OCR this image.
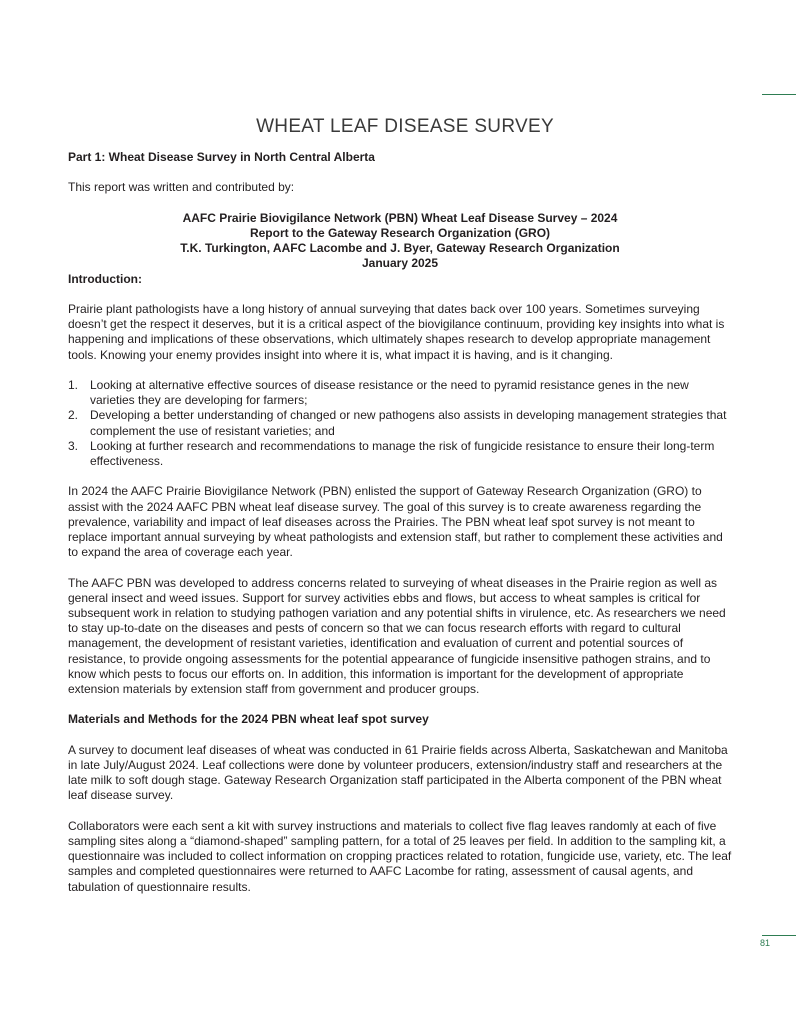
WHEAT LEAF DISEASE SURVEY

Part 1: Wheat Disease Survey in North Central Alberta

This report was written and contributed by:

AAFC Prairie Biovigilance Network (PBN) Wheat Leaf Disease Survey – 2024

Report to the Gateway Research Organization (GRO)

T.K. Turkington, AAFC Lacombe and J. Byer, Gateway Research Organization

January 2025

Introduction:

Prairie plant pathologists have a long history of annual surveying that dates back over 100 years. Sometimes surveying doesn’t get the respect it deserves, but it is a critical aspect of the biovigilance continuum, providing key insights into what is happening and implications of these observations, which ultimately shapes research to develop appropriate management tools. Knowing your enemy provides insight into where it is, what impact it is having, and is it changing.

1. Looking at alternative effective sources of disease resistance or the need to pyramid resistance genes in the new varieties they are developing for farmers;
2. Developing a better understanding of changed or new pathogens also assists in developing management strategies that complement the use of resistant varieties; and
3. Looking at further research and recommendations to manage the risk of fungicide resistance to ensure their long-term effectiveness.

In 2024 the AAFC Prairie Biovigilance Network (PBN) enlisted the support of Gateway Research Organization (GRO) to assist with the 2024 AAFC PBN wheat leaf disease survey. The goal of this survey is to create awareness regarding the prevalence, variability and impact of leaf diseases across the Prairies. The PBN wheat leaf spot survey is not meant to replace important annual surveying by wheat pathologists and extension staff, but rather to complement these activities and to expand the area of coverage each year.

The AAFC PBN was developed to address concerns related to surveying of wheat diseases in the Prairie region as well as general insect and weed issues. Support for survey activities ebbs and flows, but access to wheat samples is critical for subsequent work in relation to studying pathogen variation and any potential shifts in virulence, etc. As researchers we need to stay up-to-date on the diseases and pests of concern so that we can focus research efforts with regard to cultural management, the development of resistant varieties, identification and evaluation of current and potential sources of resistance, to provide ongoing assessments for the potential appearance of fungicide insensitive pathogen strains, and to know which pests to focus our efforts on. In addition, this information is important for the development of appropriate extension materials by extension staff from government and producer groups.

Materials and Methods for the 2024 PBN wheat leaf spot survey

A survey to document leaf diseases of wheat was conducted in 61 Prairie fields across Alberta, Saskatchewan and Manitoba in late July/August 2024. Leaf collections were done by volunteer producers, extension/industry staff and researchers at the late milk to soft dough stage. Gateway Research Organization staff participated in the Alberta component of the PBN wheat leaf disease survey.

Collaborators were each sent a kit with survey instructions and materials to collect five flag leaves randomly at each of five sampling sites along a “diamond-shaped” sampling pattern, for a total of 25 leaves per field. In addition to the sampling kit, a questionnaire was included to collect information on cropping practices related to rotation, fungicide use, variety, etc. The leaf samples and completed questionnaires were returned to AAFC Lacombe for rating, assessment of causal agents, and tabulation of questionnaire results.

81
